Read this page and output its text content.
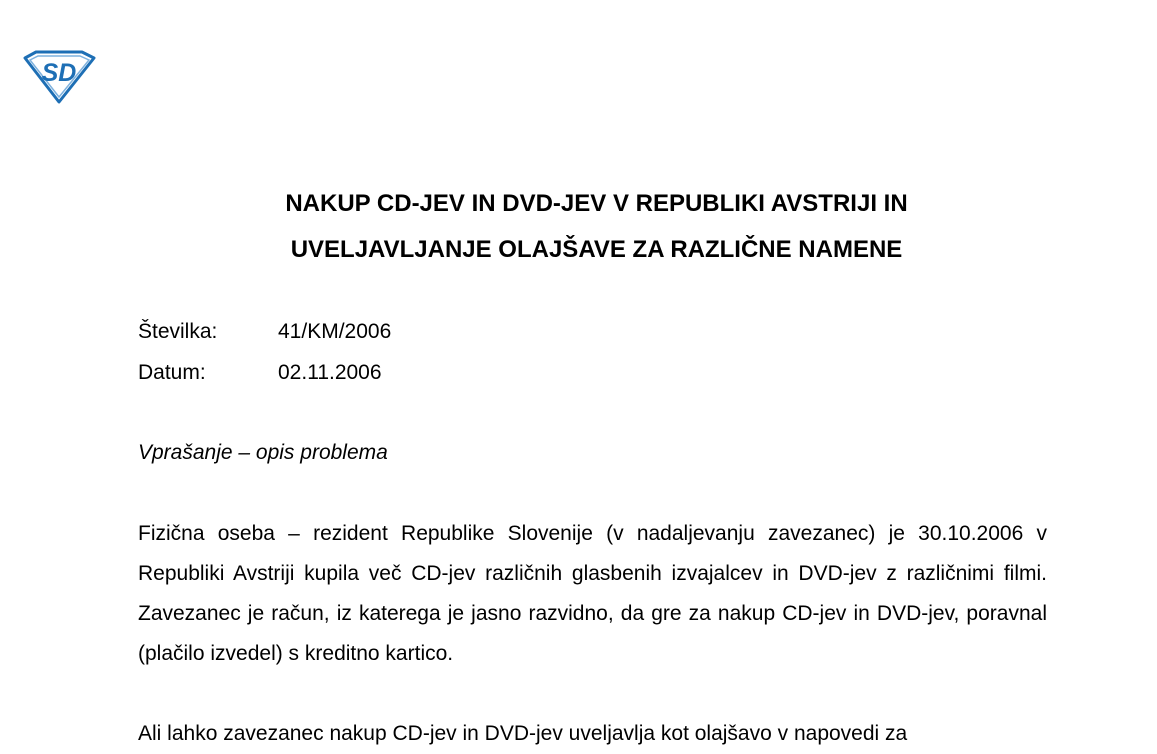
SD
NAKUP CD-JEV IN DVD-JEV V REPUBLIKI AVSTRIJI IN
UVELJAVLJANJE OLAJŠAVE ZA RAZLIČNE NAMENE
Številka:	41/KM/2006
Datum:	02.11.2006
Vprašanje – opis problema
Fizična oseba – rezident Republike Slovenije (v nadaljevanju zavezanec) je 30.10.2006 v Republiki Avstriji kupila več CD-jev različnih glasbenih izvajalcev in DVD-jev z različnimi filmi. Zavezanec je račun, iz katerega je jasno razvidno, da gre za nakup CD-jev in DVD-jev, poravnal (plačilo izvedel) s kreditno kartico.
Ali lahko zavezanec nakup CD-jev in DVD-jev uveljavlja kot olajšavo v napovedi za
